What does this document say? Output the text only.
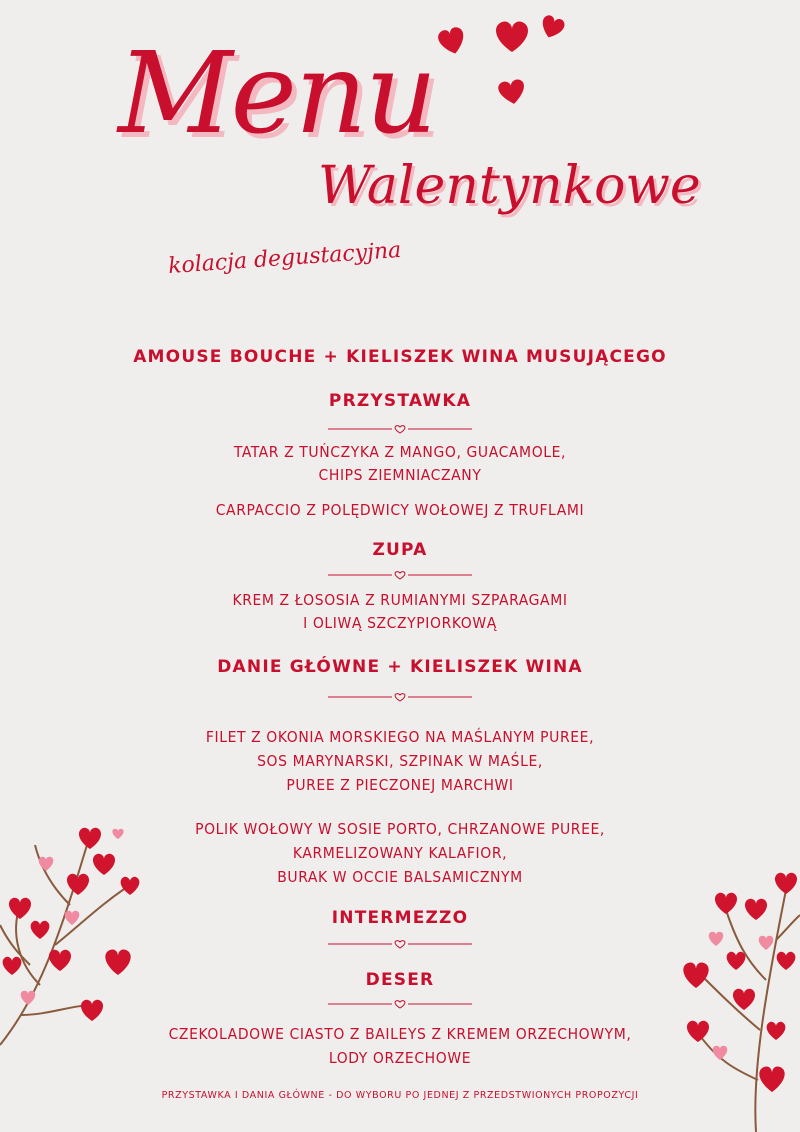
Menu
Walentynkowe
kolacja degustacyjna
AMOUSE BOUCHE + KIELISZEK WINA MUSUJĄCEGO
PRZYSTAWKA
TATAR Z TUŃCZYKA Z MANGO, GUACAMOLE,
CHIPS ZIEMNIACZANY
CARPACCIO Z POLĘDWICY WOŁOWEJ Z TRUFLAMI
ZUPA
KREM Z ŁOSOSIA Z RUMIANYMI SZPARAGAMI
I OLIWĄ SZCZYPIORKOWĄ
DANIE GŁÓWNE + KIELISZEK WINA
FILET Z OKONIA MORSKIEGO NA MAŚLANYM PUREE,
SOS MARYNARSKI, SZPINAK W MAŚLE,
PUREE Z PIECZONEJ MARCHWI
POLIK WOŁOWY W SOSIE PORTO, CHRZANOWE PUREE,
KARMELIZOWANY KALAFIOR,
BURAK W OCCIE BALSAMICZNYM
INTERMEZZO
DESER
CZEKOLADOWE CIASTO Z BAILEYS Z KREMEM ORZECHOWYM,
LODY ORZECHOWE
PRZYSTAWKA I DANIA GŁÓWNE - DO WYBORU PO JEDNEJ Z PRZEDSTWIONYCH PROPOZYCJI
